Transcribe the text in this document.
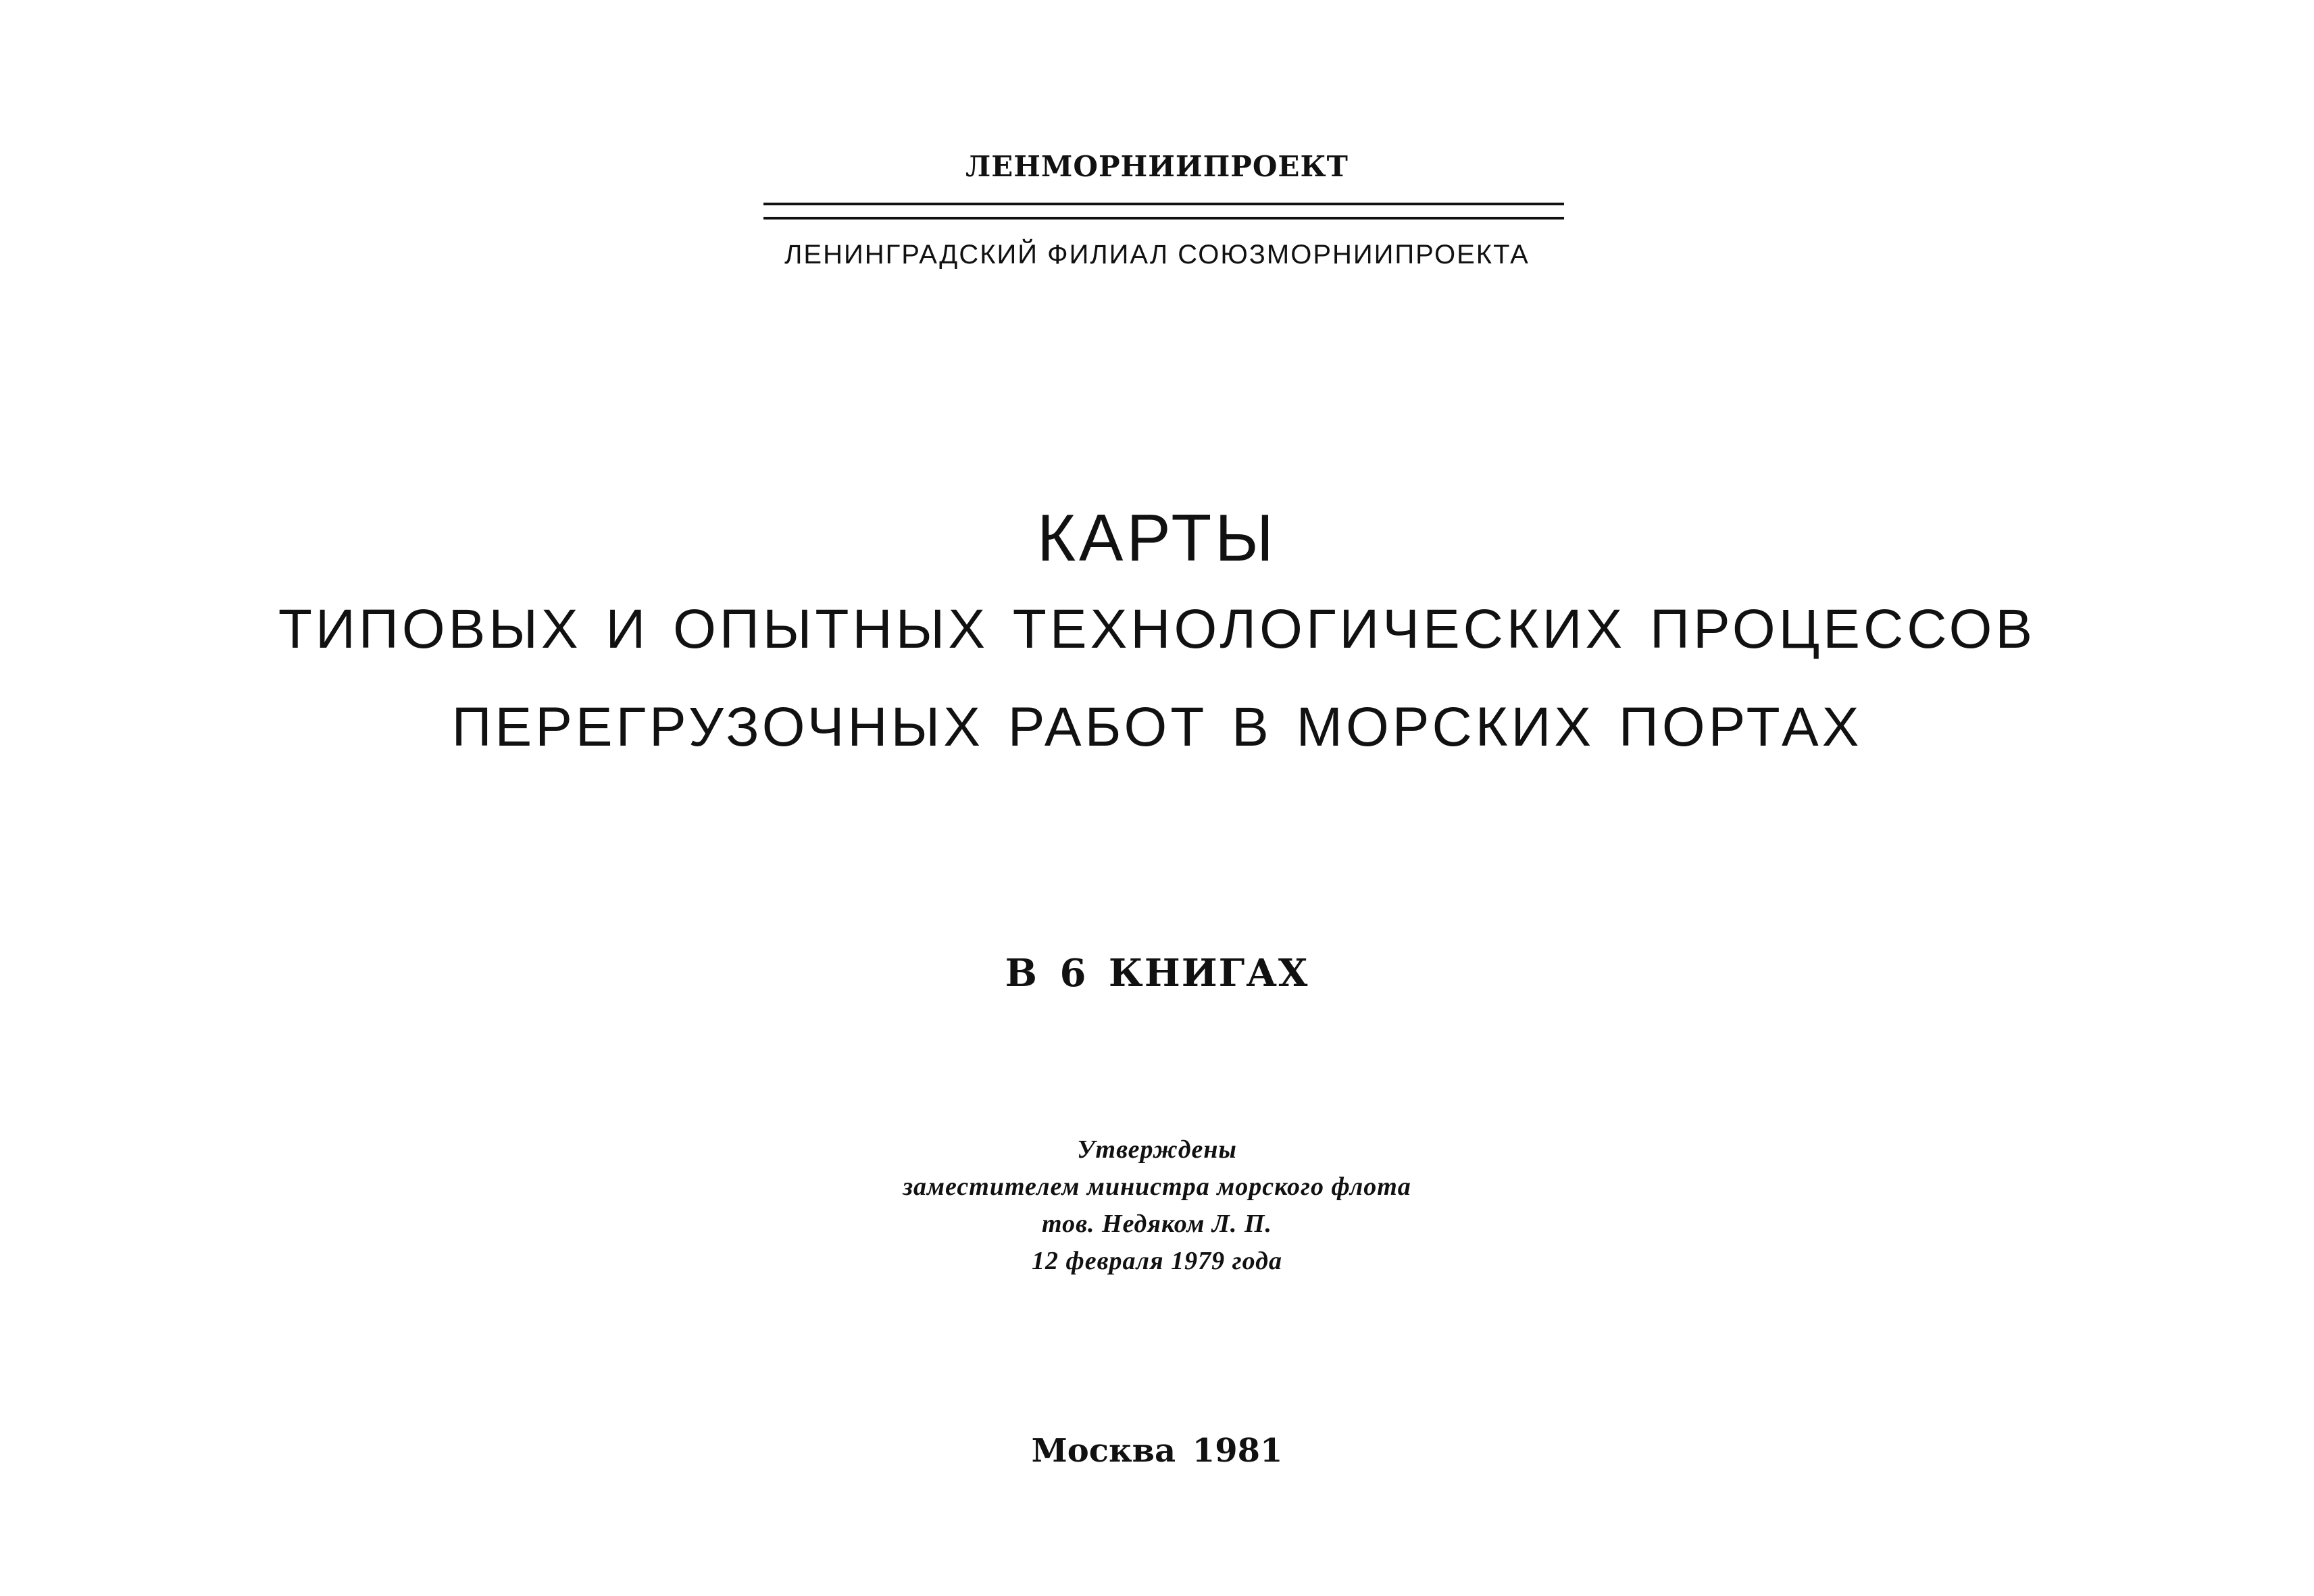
ЛЕНМОРНИИПРОЕКТ
ЛЕНИНГРАДСКИЙ ФИЛИАЛ СОЮЗМОРНИИПРОЕКТА
КАРТЫ
ТИПОВЫХ И ОПЫТНЫХ ТЕХНОЛОГИЧЕСКИХ ПРОЦЕССОВ
ПЕРЕГРУЗОЧНЫХ РАБОТ В МОРСКИХ ПОРТАХ
В 6 КНИГАХ
Утверждены
заместителем министра морского флота
тов. Недяком Л. П.
12 февраля 1979 года
Москва 1981
